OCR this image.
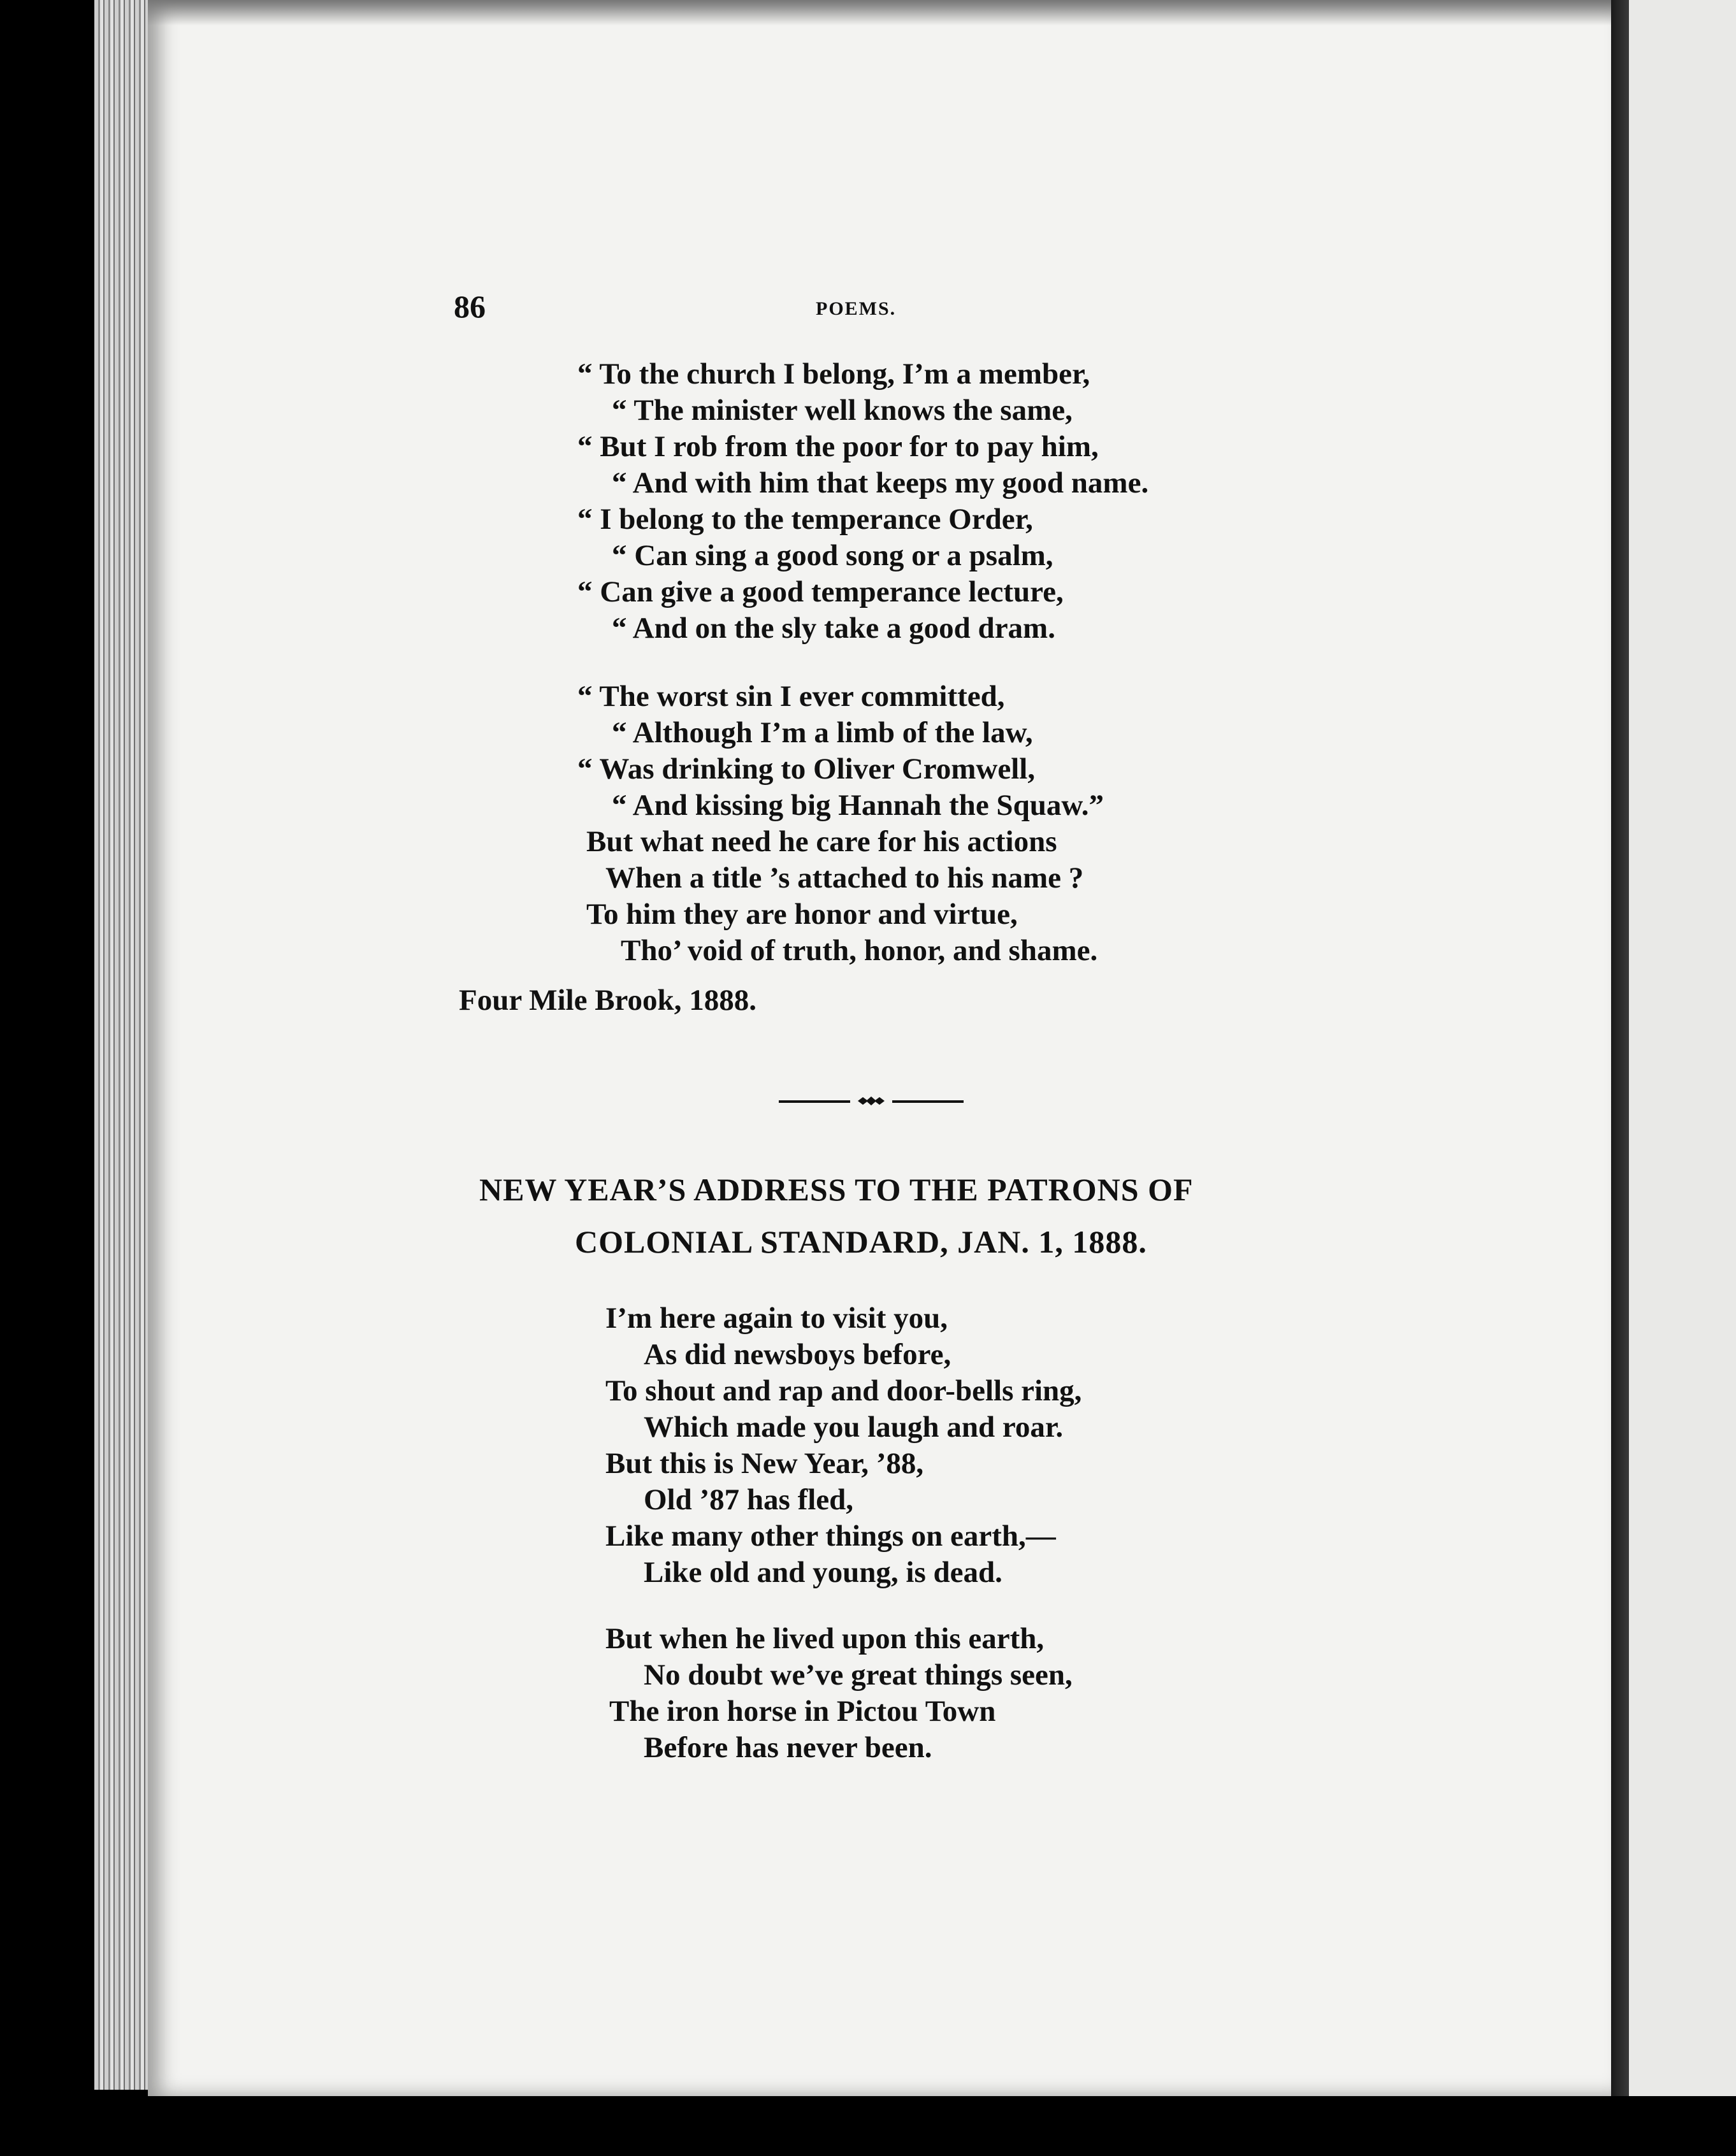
86	POEMS.
“ To the church I belong, I’m a member,
“ The minister well knows the same,
“ But I rob from the poor for to pay him,
“ And with him that keeps my good name.
“ I belong to the temperance Order,
“ Can sing a good song or a psalm,
“ Can give a good temperance lecture,
“ And on the sly take a good dram.
“ The worst sin I ever committed,
“ Although I’m a limb of the law,
“ Was drinking to Oliver Cromwell,
“ And kissing big Hannah the Squaw.”
But what need he care for his actions
When a title ’s attached to his name ?
To him they are honor and virtue,
Tho’ void of truth, honor, and shame.
Four Mile Brook, 1888.
NEW YEAR’S ADDRESS TO THE PATRONS OF
COLONIAL STANDARD, JAN. 1, 1888.
I’m here again to visit you,
As did newsboys before,
To shout and rap and door-bells ring,
Which made you laugh and roar.
But this is New Year, ’88,
Old ’87 has fled,
Like many other things on earth,—
Like old and young, is dead.
But when he lived upon this earth,
No doubt we’ve great things seen,
The iron horse in Pictou Town
Before has never been.
